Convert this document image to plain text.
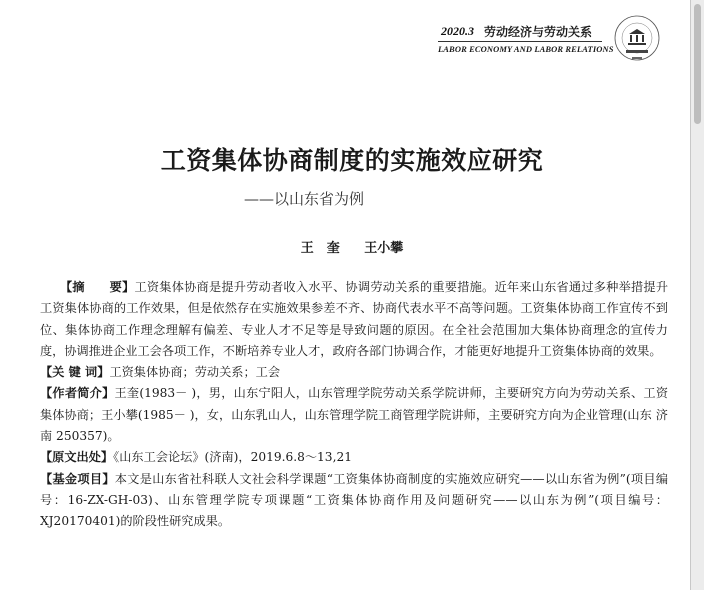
2020.3 劳动经济与劳动关系
LABOR ECONOMY AND LABOR RELATIONS
工资集体协商制度的实施效应研究
——以山东省为例
王　奎 王小攀

【摘　　要】工资集体协商是提升劳动者收入水平、协调劳动关系的重要措施。近年来山东省通过多种举措提升工资集体协商的工作效果，但是依然存在实施效果参差不齐、协商代表水平不高等问题。工资集体协商工作宣传不到位、集体协商工作理念理解有偏差、专业人才不足等是导致问题的原因。在全社会范围加大集体协商理念的宣传力度，协调推进企业工会各项工作，不断培养专业人才，政府各部门协调合作，才能更好地提升工资集体协商的效果。

【关 键 词】工资集体协商；劳动关系；工会

【作者简介】王奎(1983－ )，男，山东宁阳人，山东管理学院劳动关系学院讲师，主要研究方向为劳动关系、工资集体协商；王小攀(1985－ )，女，山东乳山人，山东管理学院工商管理学院讲师，主要研究方向为企业管理(山东 济南 250357)。

【原文出处】《山东工会论坛》(济南)，2019.6.8～13,21

【基金项目】本文是山东省社科联人文社会科学课题“工资集体协商制度的实施效应研究——以山东省为例”(项目编号：16-ZX-GH-03)、山东管理学院专项课题“工资集体协商作用及问题研究——以山东为例”(项目编号：XJ20170401)的阶段性研究成果。
